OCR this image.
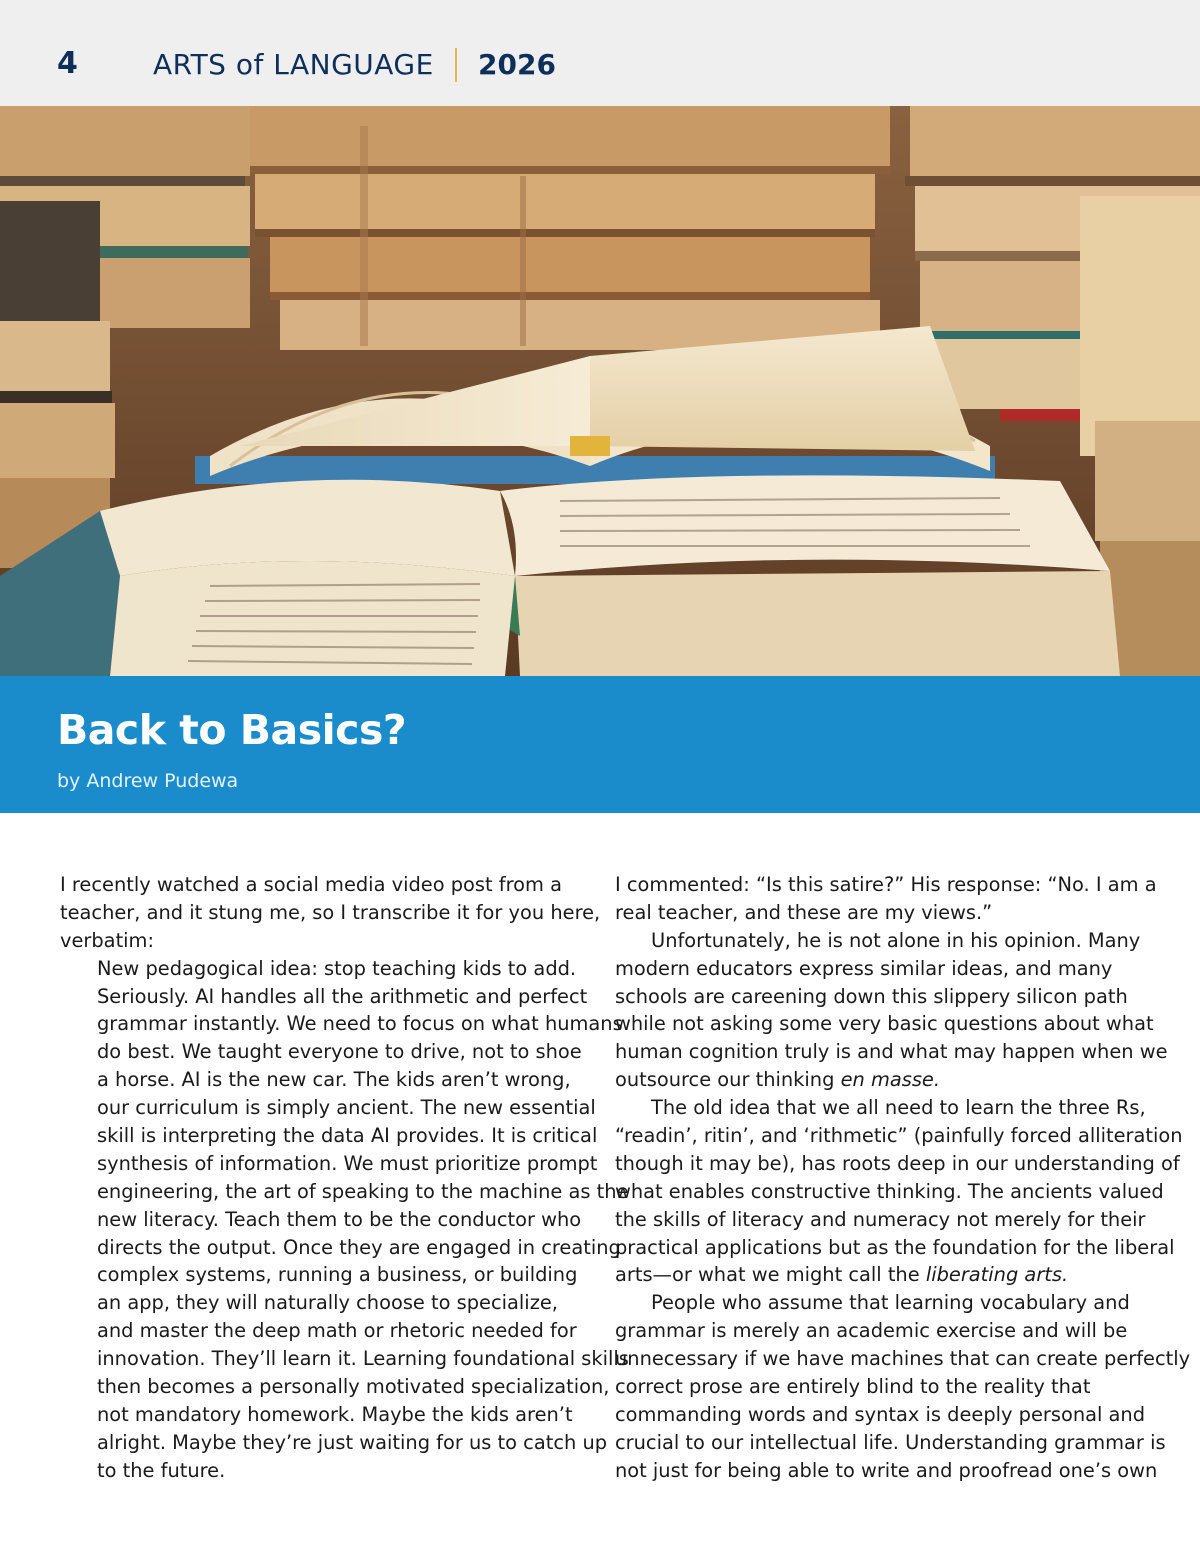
4	ARTS of LANGUAGE 2026
Back to Basics?
by Andrew Pudewa
I recently watched a social media video post from a
teacher, and it stung me, so I transcribe it for you here,
verbatim:
New pedagogical idea: stop teaching kids to add.
Seriously. AI handles all the arithmetic and perfect
grammar instantly. We need to focus on what humans
do best. We taught everyone to drive, not to shoe
a horse. AI is the new car. The kids aren’t wrong,
our curriculum is simply ancient. The new essential
skill is interpreting the data AI provides. It is critical
synthesis of information. We must prioritize prompt
engineering, the art of speaking to the machine as the
new literacy. Teach them to be the conductor who
directs the output. Once they are engaged in creating
complex systems, running a business, or building
an app, they will naturally choose to specialize,
and master the deep math or rhetoric needed for
innovation. They’ll learn it. Learning foundational skills
then becomes a personally motivated specialization,
not mandatory homework. Maybe the kids aren’t
alright. Maybe they’re just waiting for us to catch up
to the future.
I commented: “Is this satire?” His response: “No. I am a
real teacher, and these are my views.”
Unfortunately, he is not alone in his opinion. Many
modern educators express similar ideas, and many
schools are careening down this slippery silicon path
while not asking some very basic questions about what
human cognition truly is and what may happen when we
outsource our thinking en masse.
The old idea that we all need to learn the three Rs,
“readin’, ritin’, and ‘rithmetic” (painfully forced alliteration
though it may be), has roots deep in our understanding of
what enables constructive thinking. The ancients valued
the skills of literacy and numeracy not merely for their
practical applications but as the foundation for the liberal
arts—or what we might call the liberating arts.
People who assume that learning vocabulary and
grammar is merely an academic exercise and will be
unnecessary if we have machines that can create perfectly
correct prose are entirely blind to the reality that
commanding words and syntax is deeply personal and
crucial to our intellectual life. Understanding grammar is
not just for being able to write and proofread one’s own
